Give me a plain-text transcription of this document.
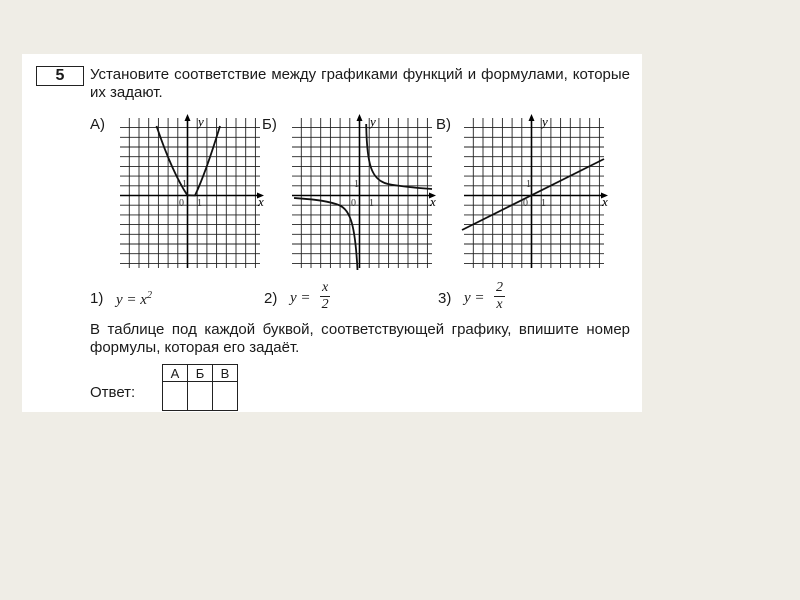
5	Установите соответствие между графиками функций и формулами, которые их задают.
А)	y
x
0 1
1
Б)	y
x
0 1
1
В)	y
x
0 1
1
1) $y = x^2$	2) $y = \frac{x}{2}$	3) $y = \frac{2}{x}$
В таблице под каждой буквой, соответствующей графику, впишите номер формулы, которая его задаёт.
Ответ:
А	Б	В
